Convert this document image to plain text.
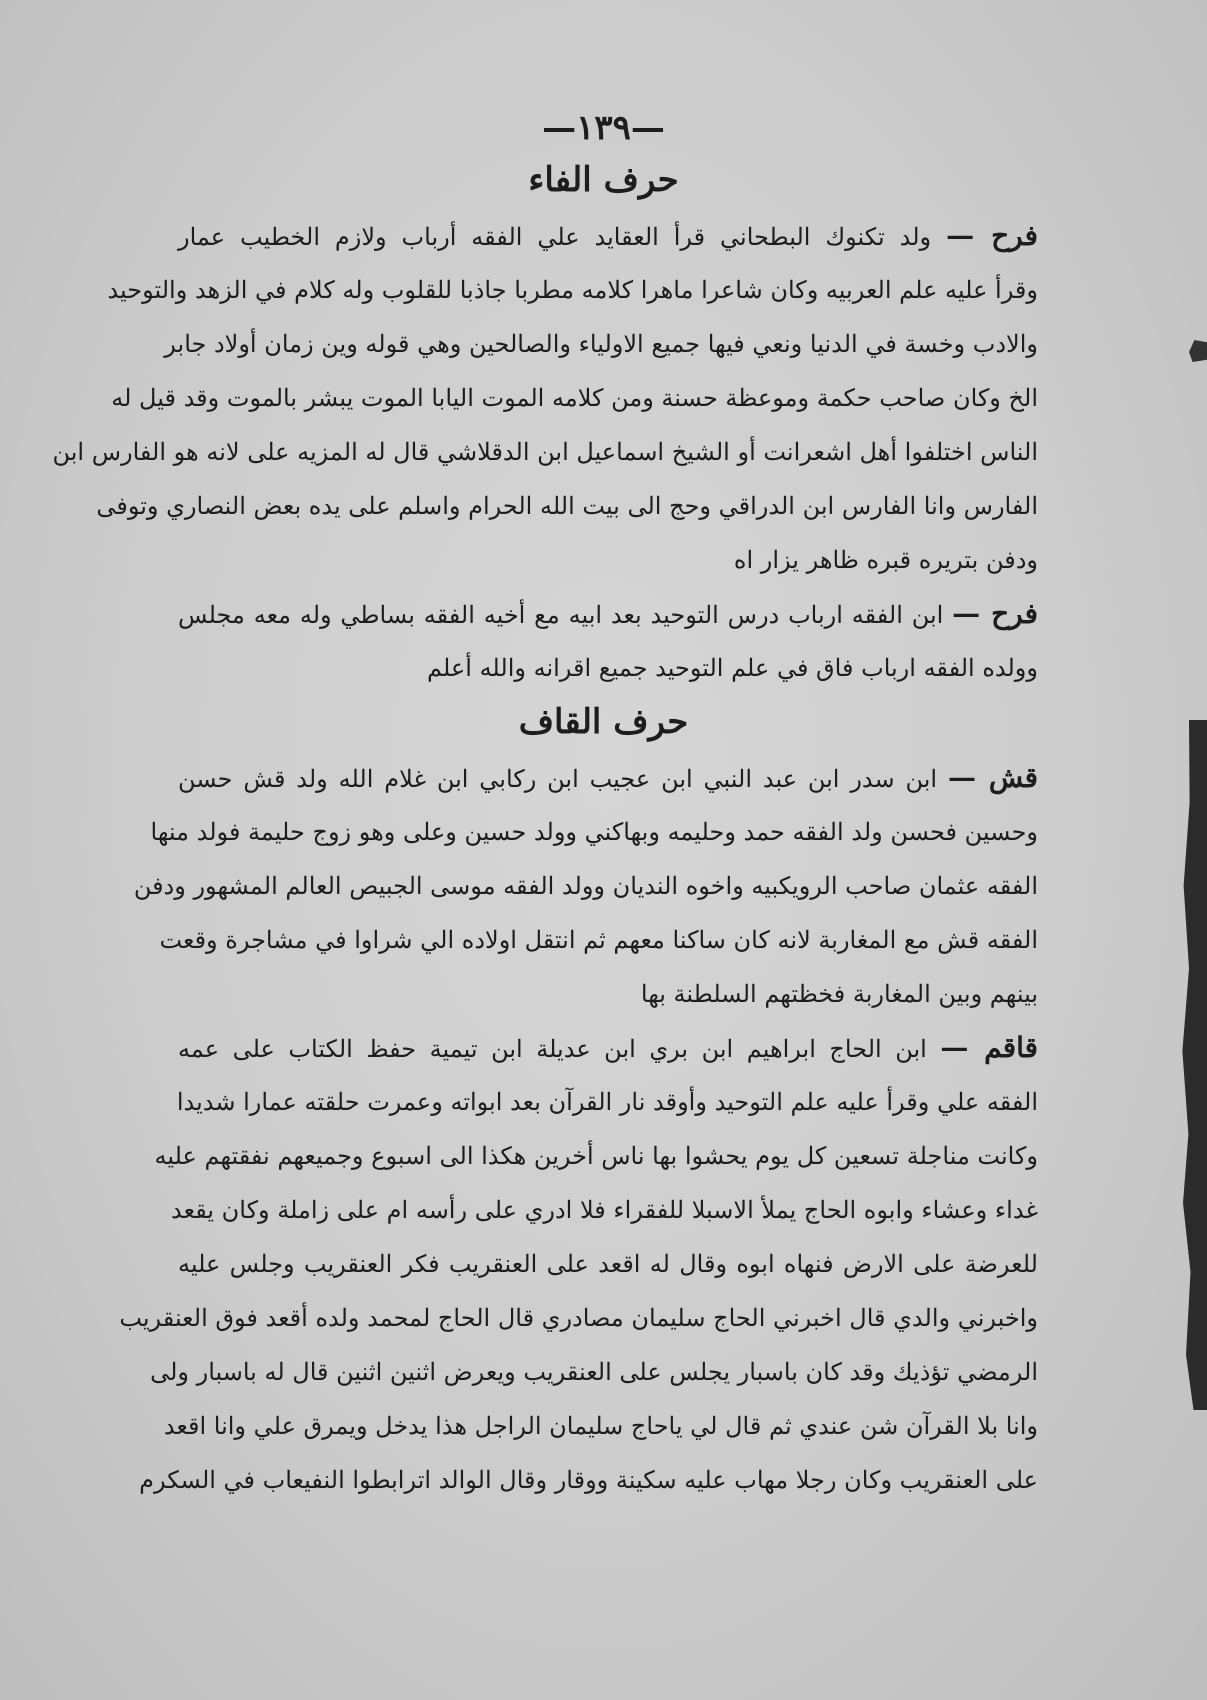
—١٣٩—
حرف الفاء
فرح — ولد تكنوك البطحاني قرأ العقايد علي الفقه أرباب ولازم الخطيب عمار
وقرأ عليه علم العربيه وكان شاعرا ماهرا كلامه مطربا جاذبا للقلوب وله كلام في الزهد والتوحيد
والادب وخسة في الدنيا ونعي فيها جميع الاولياء والصالحين وهي قوله وين زمان أولاد جابر
الخ وكان صاحب حكمة وموعظة حسنة ومن كلامه الموت اليابا الموت يبشر بالموت وقد قيل له
الناس اختلفوا أهل اشعرانت أو الشيخ اسماعيل ابن الدقلاشي قال له المزيه على لانه هو الفارس ابن
الفارس وانا الفارس ابن الدراقي وحج الى بيت الله الحرام واسلم على يده بعض النصاري وتوفى
ودفن بتريره قبره ظاهر يزار اه
فرح — ابن الفقه ارباب درس التوحيد بعد ابيه مع أخيه الفقه بساطي وله معه مجلس
وولده الفقه ارباب فاق في علم التوحيد جميع اقرانه والله أعلم
حرف القاف
قش — ابن سدر ابن عبد النبي ابن عجيب ابن ركابي ابن غلام الله ولد قش حسن
وحسين فحسن ولد الفقه حمد وحليمه وبهاكني وولد حسين وعلى وهو زوج حليمة فولد منها
الفقه عثمان صاحب الرويكبيه واخوه النديان وولد الفقه موسى الجبيص العالم المشهور ودفن
الفقه قش مع المغاربة لانه كان ساكنا معهم ثم انتقل اولاده الي شراوا في مشاجرة وقعت
بينهم وبين المغاربة فخظتهم السلطنة بها
قاقم — ابن الحاج ابراهيم ابن بري ابن عديلة ابن تيمية حفظ الكتاب على عمه
الفقه علي وقرأ عليه علم التوحيد وأوقد نار القرآن بعد ابواته وعمرت حلقته عمارا شديدا
وكانت مناجلة تسعين كل يوم يحشوا بها ناس أخرين هكذا الى اسبوع وجميعهم نفقتهم عليه
غداء وعشاء وابوه الحاج يملأ الاسبلا للفقراء فلا ادري على رأسه ام على زاملة وكان يقعد
للعرضة على الارض فنهاه ابوه وقال له اقعد على العنقريب فكر العنقريب وجلس عليه
واخبرني والدي قال اخبرني الحاج سليمان مصادري قال الحاج لمحمد ولده أقعد فوق العنقريب
الرمضي تؤذيك وقد كان باسبار يجلس على العنقريب ويعرض اثنين اثنين قال له باسبار ولى
وانا بلا القرآن شن عندي ثم قال لي ياحاج سليمان الراجل هذا يدخل ويمرق علي وانا اقعد
على العنقريب وكان رجلا مهاب عليه سكينة ووقار وقال الوالد اترابطوا النفيعاب في السكرم
